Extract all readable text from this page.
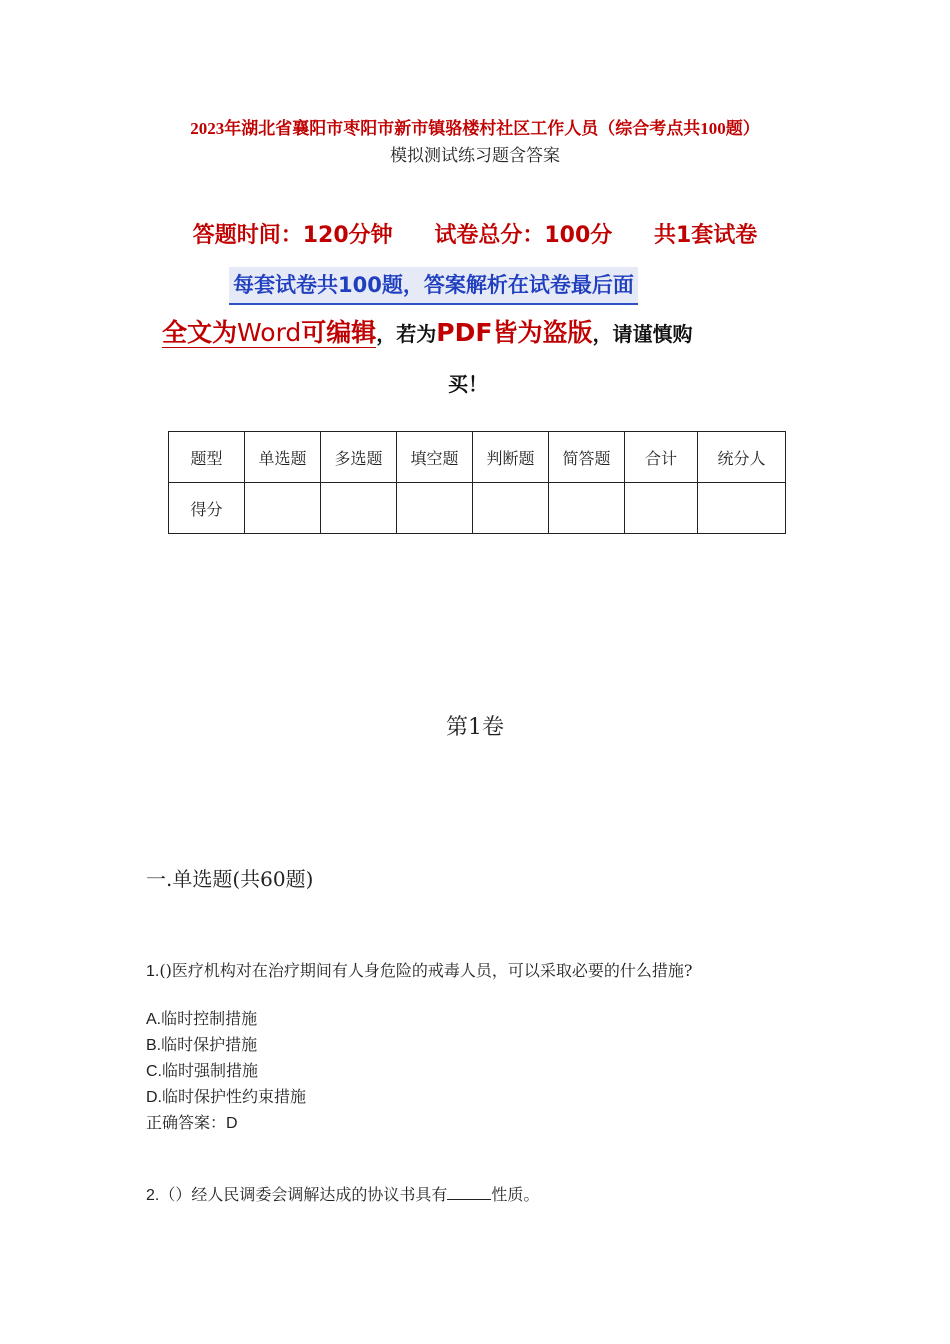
2023年湖北省襄阳市枣阳市新市镇骆楼村社区工作人员（综合考点共100题）
模拟测试练习题含答案
答题时间：120分钟 试卷总分：100分 共1套试卷
每套试卷共100题，答案解析在试卷最后面
全文为Word可编辑，若为PDF皆为盗版，请谨慎购
买！
题型	单选题	多选题	填空题	判断题	简答题	合计	统分人
得分							
第1卷
一.单选题(共60题)
1.()医疗机构对在治疗期间有人身危险的戒毒人员，可以采取必要的什么措施?
A.临时控制措施
B.临时保护措施
C.临时强制措施
D.临时保护性约束措施
正确答案：D
2.（）经人民调委会调解达成的协议书具有	性质。
